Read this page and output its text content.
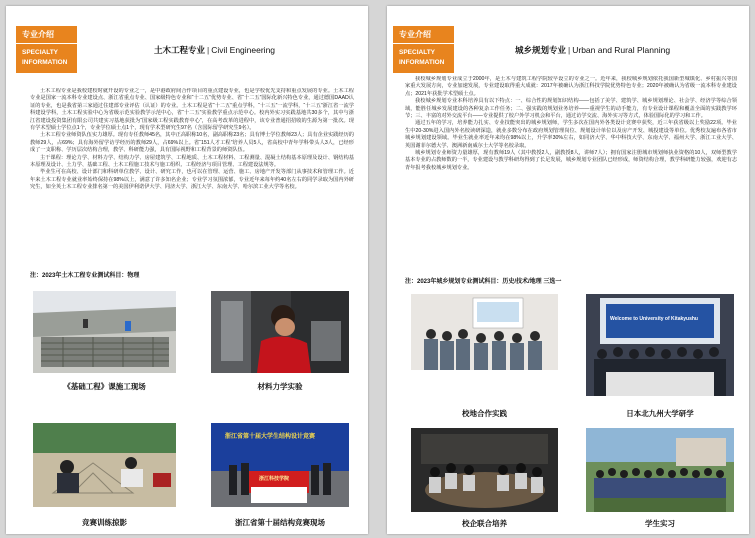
专业介绍
SPECIALTY INFORMATION
土木工程专业 | Civil Engineering

土木工程专业是我校建校时就开设的专业之一，是中港政府间合作项目的重点建设专业，也是学校优先支持和重点发展的专业。土木工程专业是国家一流本科专业建设点、浙江省重点专业、国家级特色专业和“十二五”优势专业、省“十二五”国际化新兴特色专业，通过德国DAAD认证的专业，也是我省第三家通过住建部专业评估（认证）的专业。土木工程是省“十二五”重点学科，“十三五”一流学科，“十三五”浙江省一流学科建设学科，土木工程实验中心为省级示范实验教学示范中心，省“十二五”实验教学重点示范中心。校内外实习实践基地共30多个，其中与浙江省建设投资集团有限公司共建实习基地获批为“国家级工程实践教育中心”，在高考改革的进程中，该专业普通招招收的生源为第一批次。现有学术型硕士学位点1个，专业学位硕士点1个，现有学术型研究生97名（含国际留学研究生9名）。

土木工程专业师资队伍实力雄厚。现有专任教师45名，其中正高职称10名，副高职称23名；具有博士学位教师23人；具有企业实践经历的教师29人，占69%；具有海外留学访学经历的教师29人，占69%以上。省“151人才工程”培养人员5人，省高校中青年学科带头人3人，已经形成了一支职称、学历层次结构合理，教学、科研能力强，具有国际视野和工程背景的师资队伍。

主干课程：理论力学、材料力学、结构力学、房屋建筑学、工程地质、土木工程材料、工程测量、混凝土结构基本原理及设计、钢结构基本原理及设计、土力学、基础工程、土木工程施工技术与施工组织、工程经济与项目管理、工程建设法规等。

毕业生可在高校、设计部门和科研单位教学、设计、研究工作，也可以在管理、运营、施工、房地产开发等部门从事技术和管理工作。近年来土木工程专业就业率始终保持在98%以上，满意了许多知名企业；专业学习氛围浓郁，专业近年来每年约40名左右的同学录取为国内外研究生，如全英土木工程专业排名第一的美国伊利诺伊大学、同济大学、浙江大学、东南大学、哈尔滨工业大学等名校。

注：2023年土木工程专业测试科目：物理
《基础工程》课施工现场	材料力学实验
竞赛训练掠影
浙江省第十届大学生结构设计竞赛
浙江科技学院
浙江省第十届结构竞赛现场
专业介绍
SPECIALTY INFORMATION
城乡规划专业 | Urban and Rural Planning

我校城乡规划专业成立于2000年，是土木与建筑工程学院较早设立的专业之一。近年来，我校城乡规划依托我国新型城镇化、乡村振兴等国家重大发展方向，专业加速发展，专业建设取得重大成就：2017年被确认为浙江科技学院优势特色专业；2020年被确认为省级一流本科专业建设点；2021年获批学术型硕士点。

我校城乡规划专业本科培养具有以下特点：一、综合性的规划知识结构——包括了美学、建筑学、城乡规划理论、社会学、经济学等综合领域，能胜任城乡发展建设的各种复杂工作任务；二、强实践的规划业务培养——重视学生的动手能力，有专业设计课程和覆盖全面的实践教学环节；三、丰富的对外交流平台——专业提供了校户外学习机会和平台，通过访学交流、海外实习等方式，体验国际化的学习和工作。

通过五年的学习，培养能力扎实、专业技能突出的城乡规划师，学生多次在国内外各类设计竞赛中获奖，近三年获省级以上奖励22项。毕业生中20-30%进入国内外名校读研深造，就业多数分布在政府规划管理岗位、规划设计单位以及房产开发、城投建设等单位。优秀校友遍布各省市城乡规划建设领域。毕业生就业率近年来均在98%以上，升学率30%左右，如同济大学、华中科技大学、东南大学、福州大学、浙江工业大学、英国谢菲尔德大学、澳洲新南威尔士大学等名校录取。

城乡规划专业师资力量雄厚，现有教师19人（其中教授2人，副教授8人，讲师7人）；拥有国家注册城市规划师执业资格的10人，双师型教学基本专业的占教师数的一半，专业建设与教学科研均得到了长足发展，城乡规划专业团队已经形成，师资结构合理，教学科研能力较强，欢迎有志青年报考我校城乡规划专业。

注：2023年城乡规划专业测试科目：历史/技术/地理 三选一
校地合作实践
Welcome to University of Kitakyushu
日本北九州大学研学
校企联合培养	学生实习
